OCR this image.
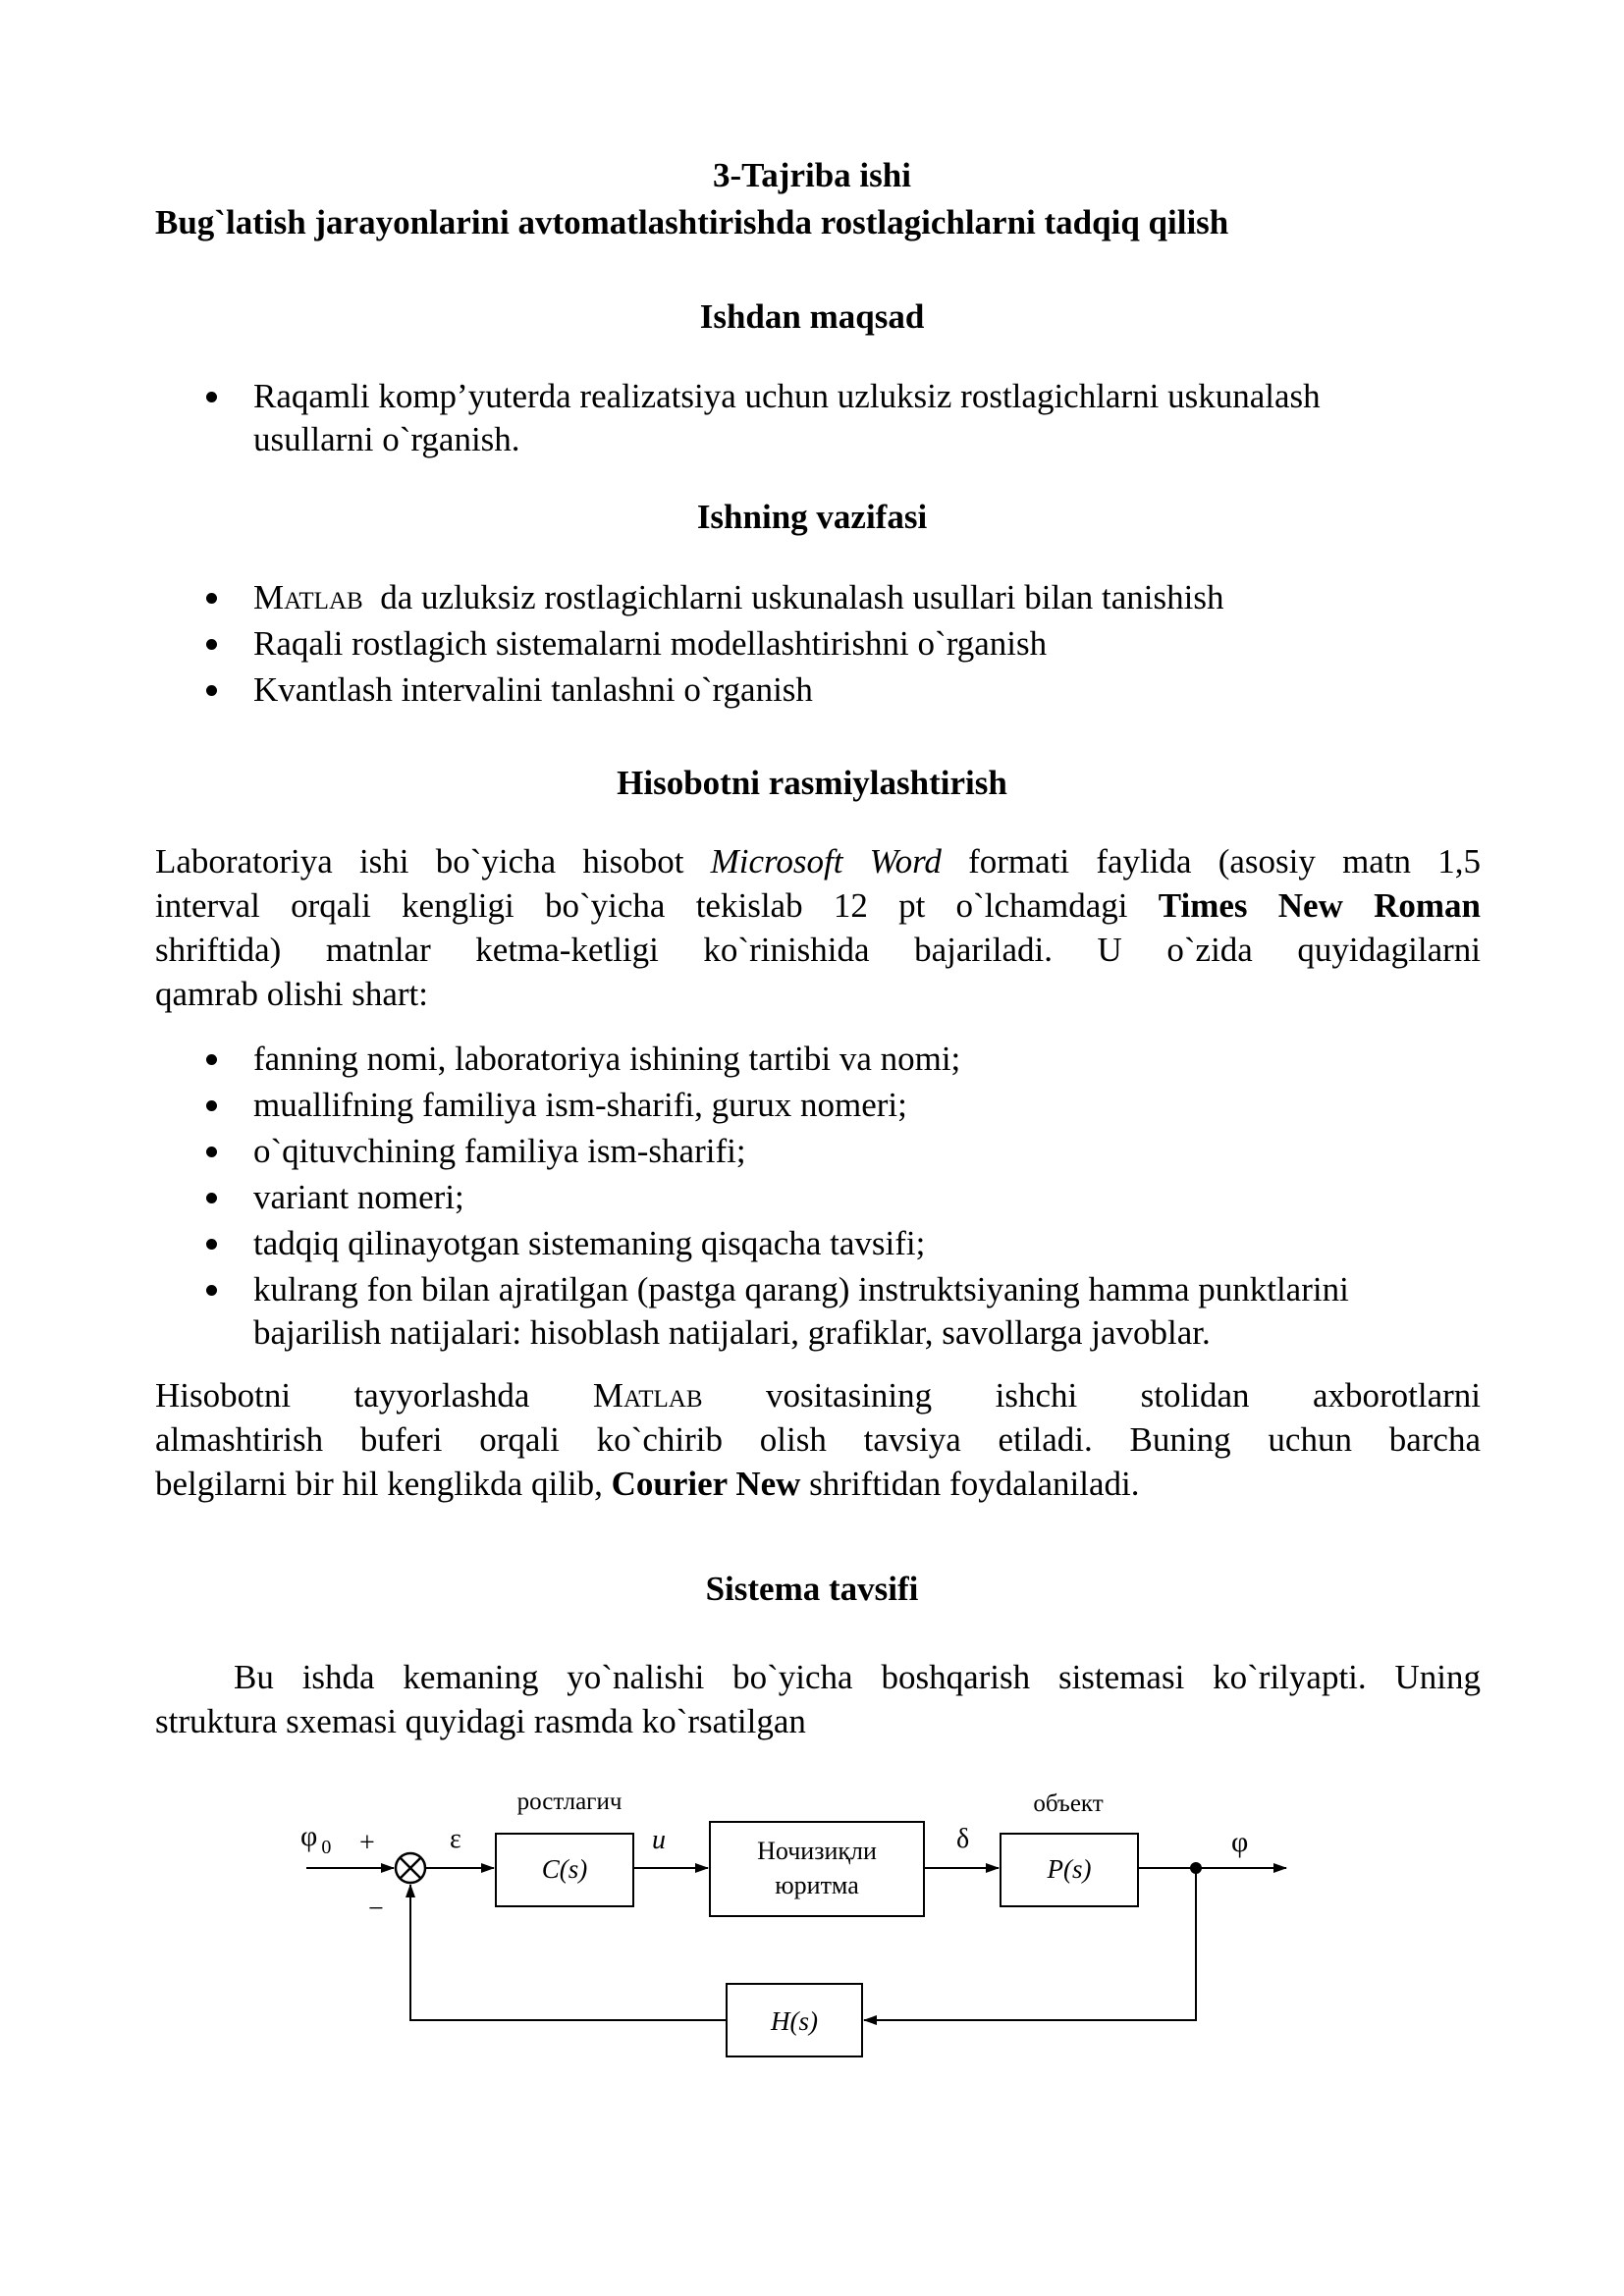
3-Tajriba ishi
Bug`latish jarayonlarini avtomatlashtirishda rostlagichlarni tadqiq qilish
Ishdan maqsad
Raqamli komp’yuterda realizatsiya uchun uzluksiz rostlagichlarni uskunalash
usullarni o`rganish.
Ishning vazifasi
Matlab da uzluksiz rostlagichlarni uskunalash usullari bilan tanishish
Raqali rostlagich sistemalarni modellashtirishni o`rganish
Kvantlash intervalini tanlashni o`rganish
Hisobotni rasmiylashtirish
Laboratoriya ishi bo`yicha hisobot Microsoft Word formati faylida (asosiy matn 1,5
interval orqali kengligi bo`yicha tekislab 12 pt o`lchamdagi Times New Roman
shriftida) matnlar ketma-ketligi ko`rinishida bajariladi. U o`zida quyidagilarni
qamrab olishi shart:
fanning nomi, laboratoriya ishining tartibi va nomi;
muallifning familiya ism-sharifi, gurux nomeri;
o`qituvchining familiya ism-sharifi;
variant nomeri;
tadqiq qilinayotgan sistemaning qisqacha tavsifi;
kulrang fon bilan ajratilgan (pastga qarang) instruktsiyaning hamma punktlarini
bajarilish natijalari: hisoblash natijalari, grafiklar, savollarga javoblar.
Hisobotni tayyorlashda Matlab vositasining ishchi stolidan axborotlarni
almashtirish buferi orqali ko`chirib olish tavsiya etiladi. Buning uchun barcha
belgilarni bir hil kenglikda qilib, Courier New shriftidan foydalaniladi.
Sistema tavsifi
Bu ishda kemaning yo`nalishi bo`yicha boshqarish sistemasi ko`rilyapti. Uning
struktura sxemasi quyidagi rasmda ko`rsatilgan
ростлагич	объект
φ $_0$ +
−
ε	u	δ	φ
C(s)
Ночизиқли
юритма
P(s)
H(s)
